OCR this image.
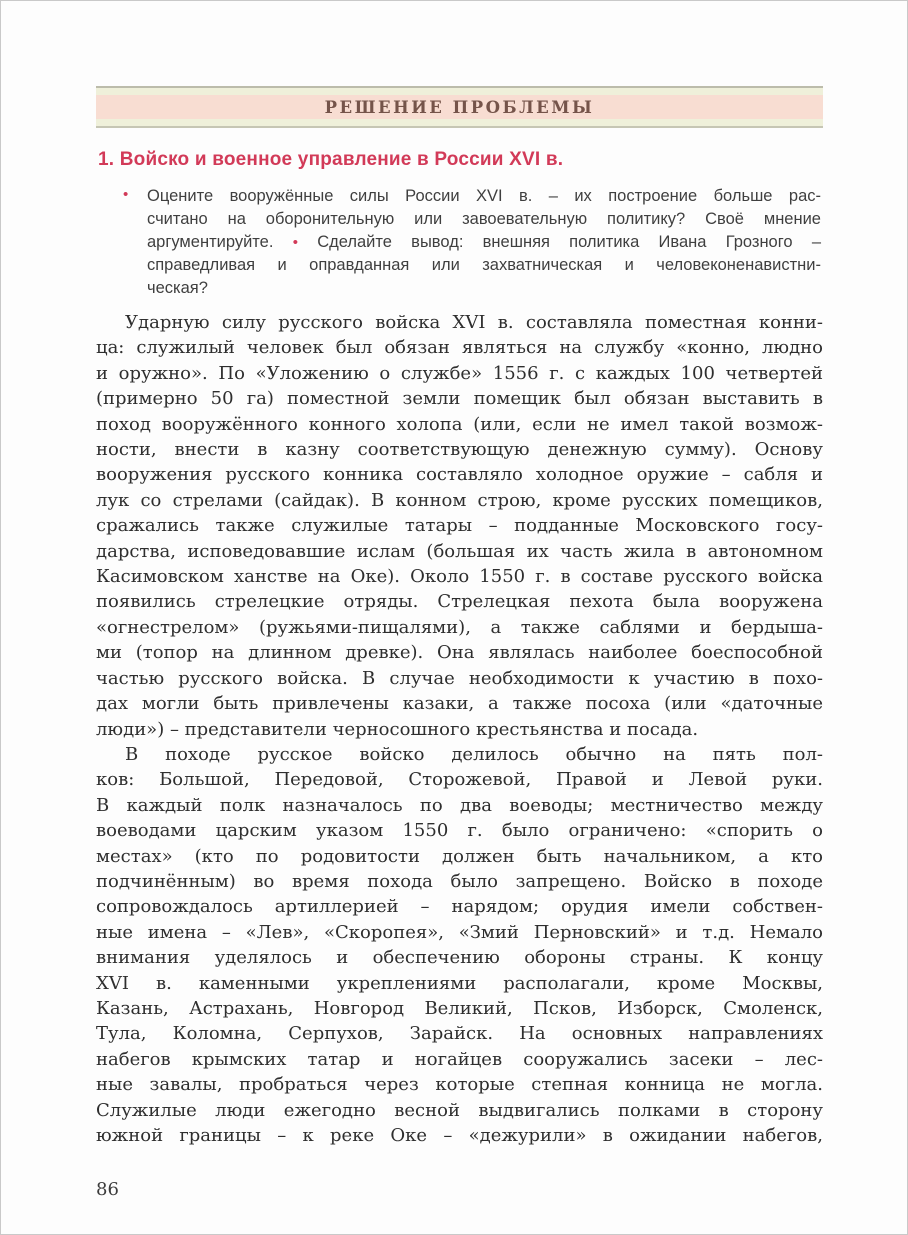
РЕШЕНИЕ ПРОБЛЕМЫ
1. Войско и военное управление в России XVI в.
• Оцените вооружённые силы России XVI в. – их построение больше рас-
считано на оборонительную или завоевательную политику? Своё мнение
аргументируйте. • Сделайте вывод: внешняя политика Ивана Грозного –
справедливая и оправданная или захватническая и человеконенавистни-
ческая?
Ударную силу русского войска XVI в. составляла поместная конни-
ца: служилый человек был обязан являться на службу «конно, людно
и оружно». По «Уложению о службе» 1556 г. с каждых 100 четвертей
(примерно 50 га) поместной земли помещик был обязан выставить в
поход вооружённого конного холопа (или, если не имел такой возмож-
ности, внести в казну соответствующую денежную сумму). Основу
вооружения русского конника составляло холодное оружие – сабля и
лук со стрелами (сайдак). В конном строю, кроме русских помещиков,
сражались также служилые татары – подданные Московского госу-
дарства, исповедовавшие ислам (большая их часть жила в автономном
Касимовском ханстве на Оке). Около 1550 г. в составе русского войска
появились стрелецкие отряды. Стрелецкая пехота была вооружена
«огнестрелом» (ружьями-пищалями), а также саблями и бердыша-
ми (топор на длинном древке). Она являлась наиболее боеспособной
частью русского войска. В случае необходимости к участию в похо-
дах могли быть привлечены казаки, а также посоха (или «даточные
люди») – представители черносошного крестьянства и посада.
В походе русское войско делилось обычно на пять пол-
ков: Большой, Передовой, Сторожевой, Правой и Левой руки.
В каждый полк назначалось по два воеводы; местничество между
воеводами царским указом 1550 г. было ограничено: «спорить о
местах» (кто по родовитости должен быть начальником, а кто
подчинённым) во время похода было запрещено. Войско в походе
сопровождалось артиллерией – нарядом; орудия имели собствен-
ные имена – «Лев», «Скоропея», «Змий Перновский» и т.д. Немало
внимания уделялось и обеспечению обороны страны. К концу
XVI в. каменными укреплениями располагали, кроме Москвы,
Казань, Астрахань, Новгород Великий, Псков, Изборск, Смоленск,
Тула, Коломна, Серпухов, Зарайск. На основных направлениях
набегов крымских татар и ногайцев сооружались засеки – лес-
ные завалы, пробраться через которые степная конница не могла.
Служилые люди ежегодно весной выдвигались полками в сторону
южной границы – к реке Оке – «дежурили» в ожидании набегов,
86
